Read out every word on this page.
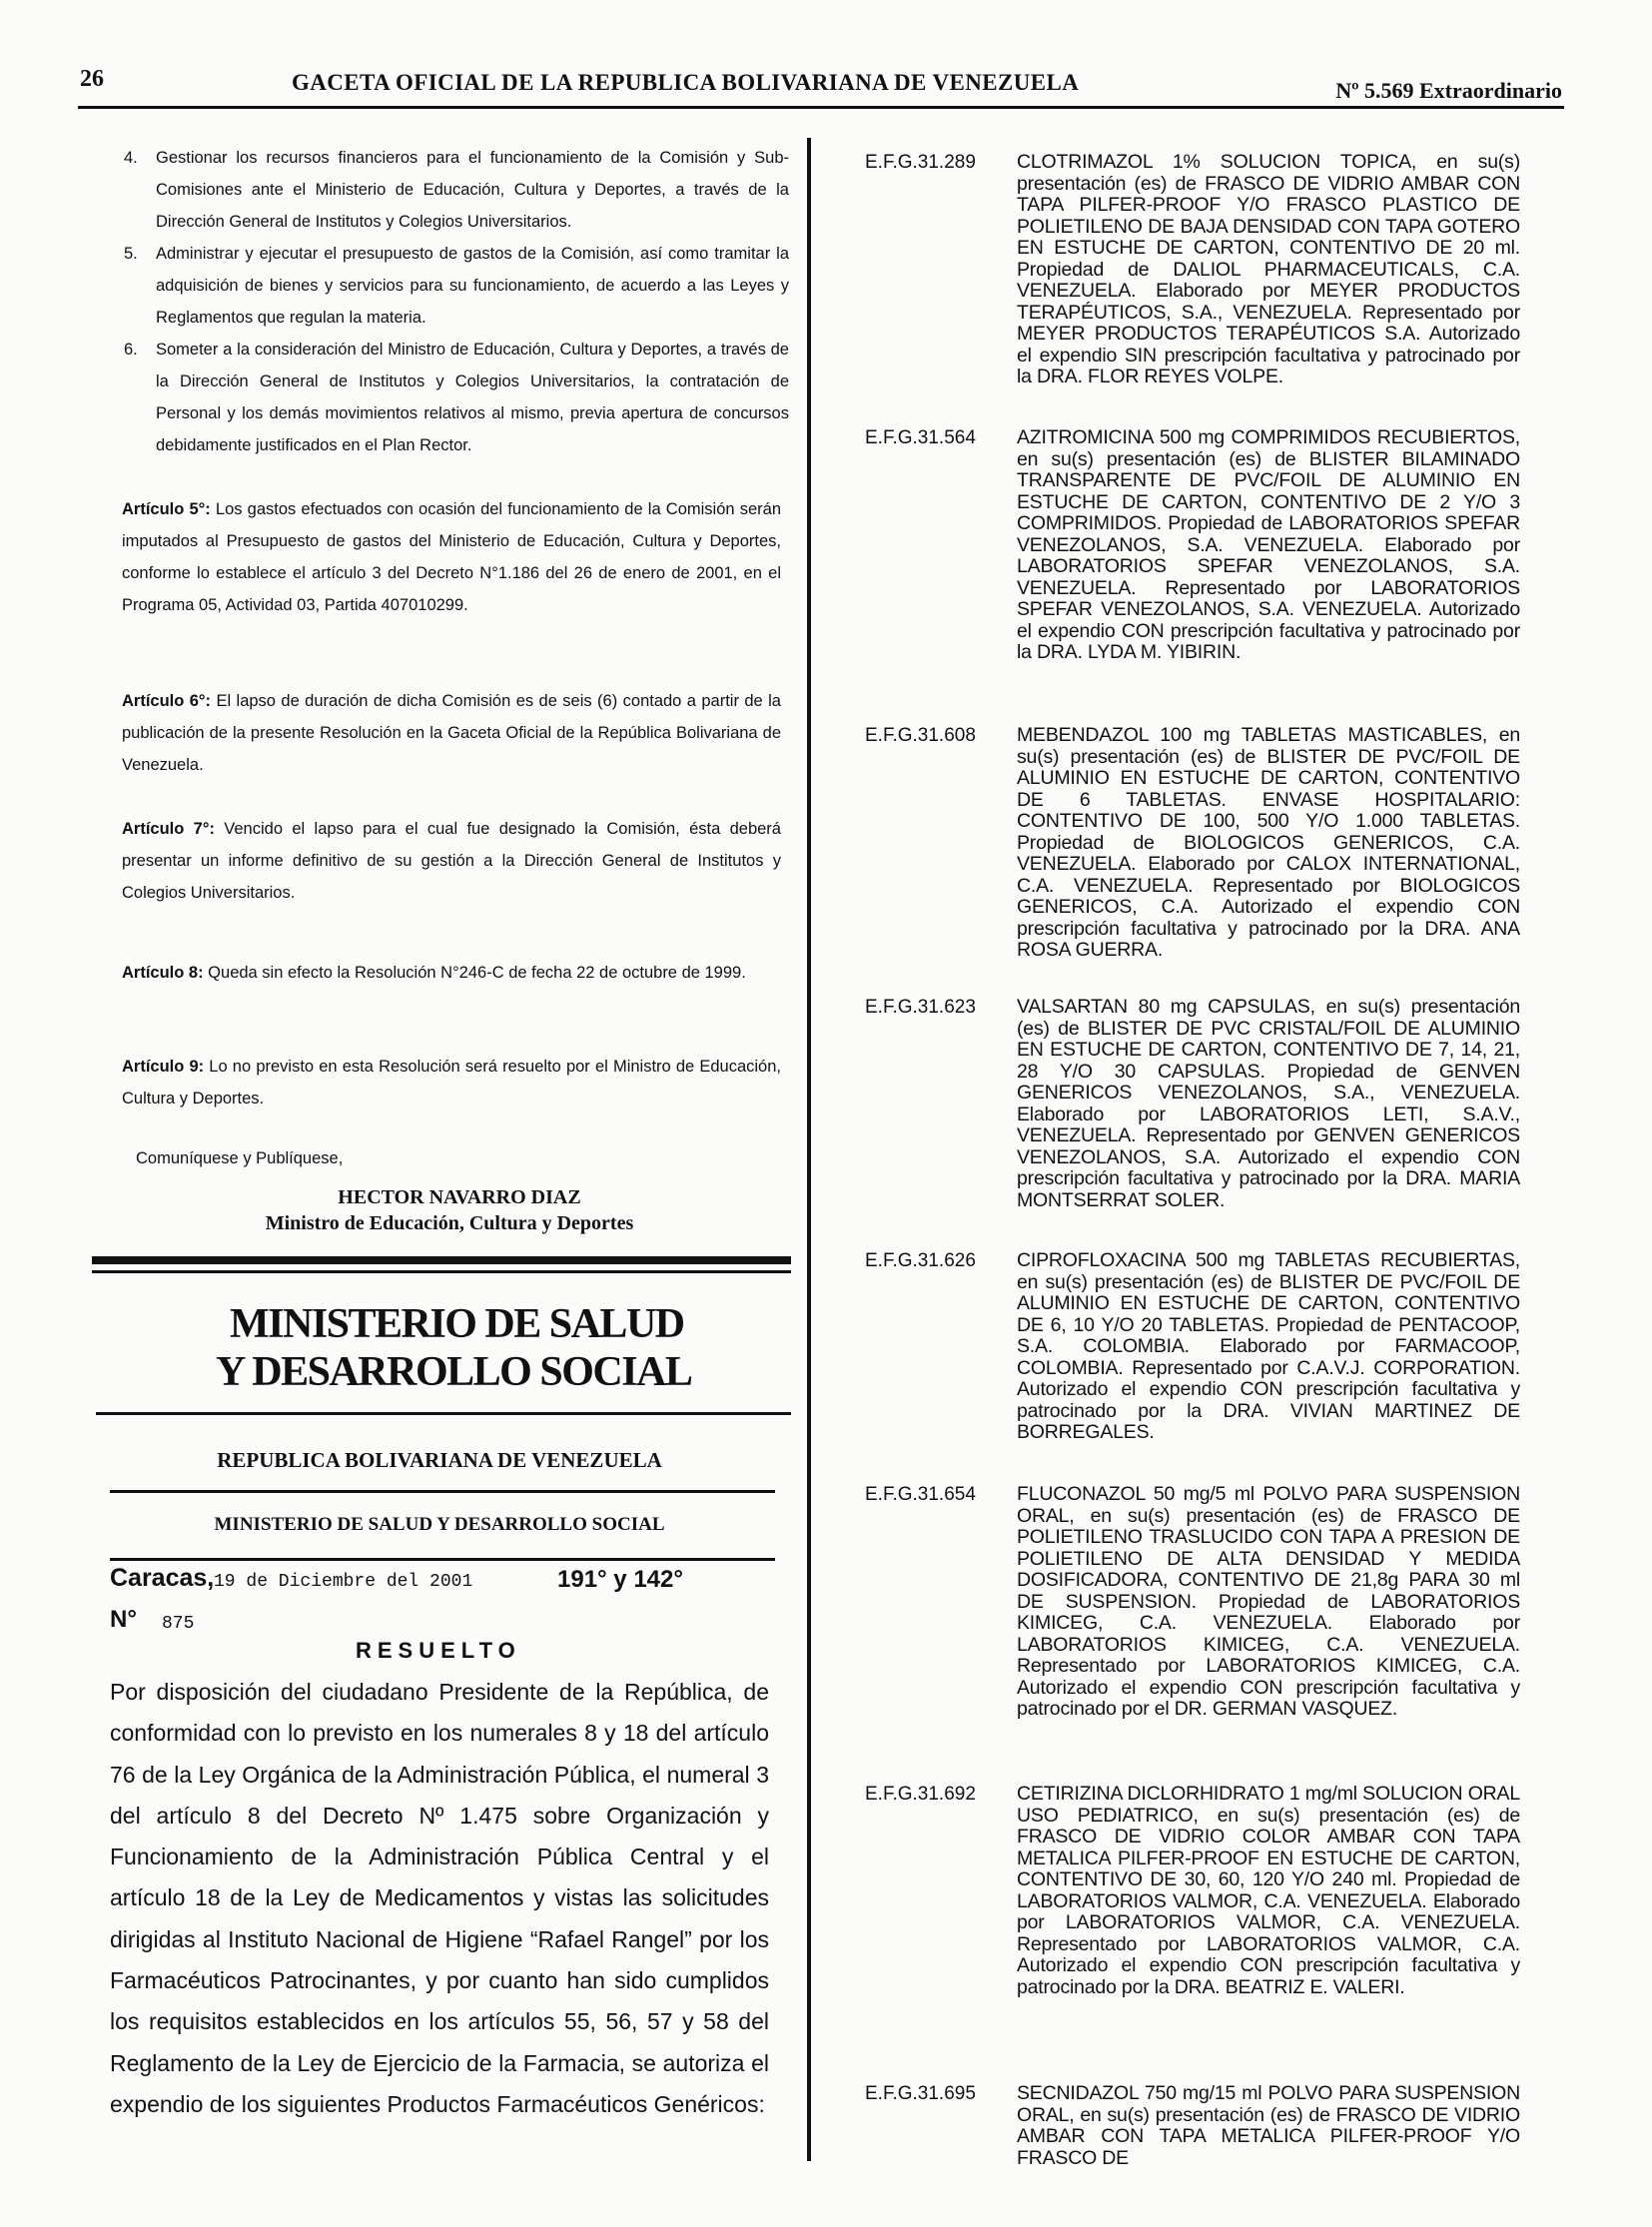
26	GACETA OFICIAL DE LA REPUBLICA BOLIVARIANA DE VENEZUELA	Nº 5.569 Extraordinario
4. Gestionar los recursos financieros para el funcionamiento de la Comisión y Sub-Comisiones ante el Ministerio de Educación, Cultura y Deportes, a través de la Dirección General de Institutos y Colegios Universitarios.
5. Administrar y ejecutar el presupuesto de gastos de la Comisión, así como tramitar la adquisición de bienes y servicios para su funcionamiento, de acuerdo a las Leyes y Reglamentos que regulan la materia.
6. Someter a la consideración del Ministro de Educación, Cultura y Deportes, a través de la Dirección General de Institutos y Colegios Universitarios, la contratación de Personal y los demás movimientos relativos al mismo, previa apertura de concursos debidamente justificados en el Plan Rector.
Artículo 5°: Los gastos efectuados con ocasión del funcionamiento de la Comisión serán imputados al Presupuesto de gastos del Ministerio de Educación, Cultura y Deportes, conforme lo establece el artículo 3 del Decreto N°1.186 del 26 de enero de 2001, en el Programa 05, Actividad 03, Partida 407010299.
Artículo 6°: El lapso de duración de dicha Comisión es de seis (6) contado a partir de la publicación de la presente Resolución en la Gaceta Oficial de la República Bolivariana de Venezuela.
Artículo 7°: Vencido el lapso para el cual fue designado la Comisión, ésta deberá presentar un informe definitivo de su gestión a la Dirección General de Institutos y Colegios Universitarios.
Artículo 8: Queda sin efecto la Resolución N°246-C de fecha 22 de octubre de 1999.
Artículo 9: Lo no previsto en esta Resolución será resuelto por el Ministro de Educación, Cultura y Deportes.
Comuníquese y Publíquese,
HECTOR NAVARRO DIAZ
Ministro de Educación, Cultura y Deportes
MINISTERIO DE SALUD
Y DESARROLLO SOCIAL
REPUBLICA BOLIVARIANA DE VENEZUELA
MINISTERIO DE SALUD Y DESARROLLO SOCIAL
Caracas, 19 de Diciembre del 2001	191° y 142°
N° 875
RESUELTO
Por disposición del ciudadano Presidente de la República, de conformidad con lo previsto en los numerales 8 y 18 del artículo 76 de la Ley Orgánica de la Administración Pública, el numeral 3 del artículo 8 del Decreto Nº 1.475 sobre Organización y Funcionamiento de la Administración Pública Central y el artículo 18 de la Ley de Medicamentos y vistas las solicitudes dirigidas al Instituto Nacional de Higiene “Rafael Rangel” por los Farmacéuticos Patrocinantes, y por cuanto han sido cumplidos los requisitos establecidos en los artículos 55, 56, 57 y 58 del Reglamento de la Ley de Ejercicio de la Farmacia, se autoriza el expendio de los siguientes Productos Farmacéuticos Genéricos:
E.F.G.31.289 CLOTRIMAZOL 1% SOLUCION TOPICA, en su(s) presentación (es) de FRASCO DE VIDRIO AMBAR CON TAPA PILFER-PROOF Y/O FRASCO PLASTICO DE POLIETILENO DE BAJA DENSIDAD CON TAPA GOTERO EN ESTUCHE DE CARTON, CONTENTIVO DE 20 ml. Propiedad de DALIOL PHARMACEUTICALS, C.A. VENEZUELA. Elaborado por MEYER PRODUCTOS TERAPÉUTICOS, S.A., VENEZUELA. Representado por MEYER PRODUCTOS TERAPÉUTICOS S.A. Autorizado el expendio SIN prescripción facultativa y patrocinado por la DRA. FLOR REYES VOLPE.
E.F.G.31.564 AZITROMICINA 500 mg COMPRIMIDOS RECUBIERTOS, en su(s) presentación (es) de BLISTER BILAMINADO TRANSPARENTE DE PVC/FOIL DE ALUMINIO EN ESTUCHE DE CARTON, CONTENTIVO DE 2 Y/O 3 COMPRIMIDOS. Propiedad de LABORATORIOS SPEFAR VENEZOLANOS, S.A. VENEZUELA. Elaborado por LABORATORIOS SPEFAR VENEZOLANOS, S.A. VENEZUELA. Representado por LABORATORIOS SPEFAR VENEZOLANOS, S.A. VENEZUELA. Autorizado el expendio CON prescripción facultativa y patrocinado por la DRA. LYDA M. YIBIRIN.
E.F.G.31.608 MEBENDAZOL 100 mg TABLETAS MASTICABLES, en su(s) presentación (es) de BLISTER DE PVC/FOIL DE ALUMINIO EN ESTUCHE DE CARTON, CONTENTIVO DE 6 TABLETAS. ENVASE HOSPITALARIO: CONTENTIVO DE 100, 500 Y/O 1.000 TABLETAS. Propiedad de BIOLOGICOS GENERICOS, C.A. VENEZUELA. Elaborado por CALOX INTERNATIONAL, C.A. VENEZUELA. Representado por BIOLOGICOS GENERICOS, C.A. Autorizado el expendio CON prescripción facultativa y patrocinado por la DRA. ANA ROSA GUERRA.
E.F.G.31.623 VALSARTAN 80 mg CAPSULAS, en su(s) presentación (es) de BLISTER DE PVC CRISTAL/FOIL DE ALUMINIO EN ESTUCHE DE CARTON, CONTENTIVO DE 7, 14, 21, 28 Y/O 30 CAPSULAS. Propiedad de GENVEN GENERICOS VENEZOLANOS, S.A., VENEZUELA. Elaborado por LABORATORIOS LETI, S.A.V., VENEZUELA. Representado por GENVEN GENERICOS VENEZOLANOS, S.A. Autorizado el expendio CON prescripción facultativa y patrocinado por la DRA. MARIA MONTSERRAT SOLER.
E.F.G.31.626 CIPROFLOXACINA 500 mg TABLETAS RECUBIERTAS, en su(s) presentación (es) de BLISTER DE PVC/FOIL DE ALUMINIO EN ESTUCHE DE CARTON, CONTENTIVO DE 6, 10 Y/O 20 TABLETAS. Propiedad de PENTACOOP, S.A. COLOMBIA. Elaborado por FARMACOOP, COLOMBIA. Representado por C.A.V.J. CORPORATION. Autorizado el expendio CON prescripción facultativa y patrocinado por la DRA. VIVIAN MARTINEZ DE BORREGALES.
E.F.G.31.654 FLUCONAZOL 50 mg/5 ml POLVO PARA SUSPENSION ORAL, en su(s) presentación (es) de FRASCO DE POLIETILENO TRASLUCIDO CON TAPA A PRESION DE POLIETILENO DE ALTA DENSIDAD Y MEDIDA DOSIFICADORA, CONTENTIVO DE 21,8g PARA 30 ml DE SUSPENSION. Propiedad de LABORATORIOS KIMICEG, C.A. VENEZUELA. Elaborado por LABORATORIOS KIMICEG, C.A. VENEZUELA. Representado por LABORATORIOS KIMICEG, C.A. Autorizado el expendio CON prescripción facultativa y patrocinado por el DR. GERMAN VASQUEZ.
E.F.G.31.692 CETIRIZINA DICLORHIDRATO 1 mg/ml SOLUCION ORAL USO PEDIATRICO, en su(s) presentación (es) de FRASCO DE VIDRIO COLOR AMBAR CON TAPA METALICA PILFER-PROOF EN ESTUCHE DE CARTON, CONTENTIVO DE 30, 60, 120 Y/O 240 ml. Propiedad de LABORATORIOS VALMOR, C.A. VENEZUELA. Elaborado por LABORATORIOS VALMOR, C.A. VENEZUELA. Representado por LABORATORIOS VALMOR, C.A. Autorizado el expendio CON prescripción facultativa y patrocinado por la DRA. BEATRIZ E. VALERI.
E.F.G.31.695 SECNIDAZOL 750 mg/15 ml POLVO PARA SUSPENSION ORAL, en su(s) presentación (es) de FRASCO DE VIDRIO AMBAR CON TAPA METALICA PILFER-PROOF Y/O FRASCO DE
